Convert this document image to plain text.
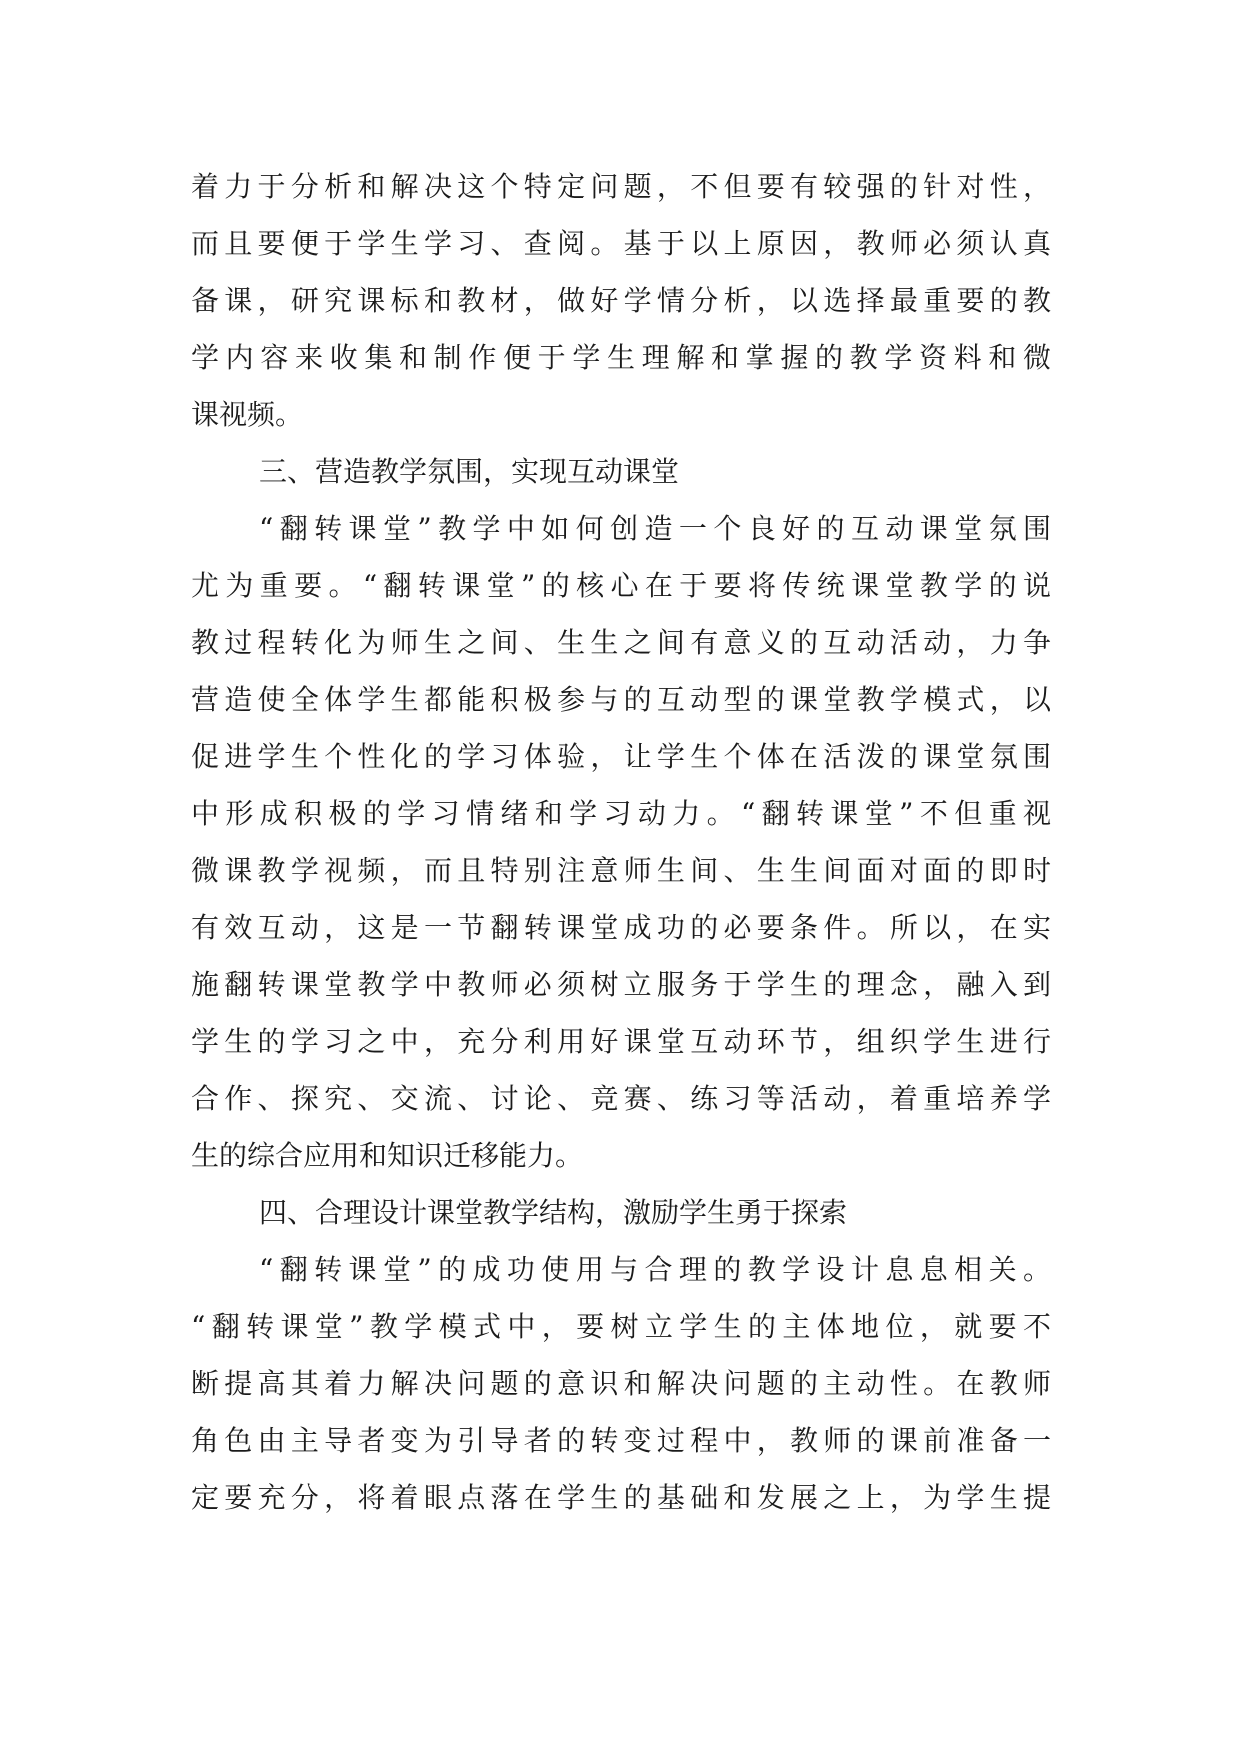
着力于分析和解决这个特定问题，不但要有较强的针对性，
而且要便于学生学习、查阅。基于以上原因，教师必须认真
备课，研究课标和教材，做好学情分析，以选择最重要的教
学内容来收集和制作便于学生理解和掌握的教学资料和微
课视频。
三、营造教学氛围，实现互动课堂
“翻转课堂”教学中如何创造一个良好的互动课堂氛围
尤为重要。“翻转课堂”的核心在于要将传统课堂教学的说
教过程转化为师生之间、生生之间有意义的互动活动，力争
营造使全体学生都能积极参与的互动型的课堂教学模式，以
促进学生个性化的学习体验，让学生个体在活泼的课堂氛围
中形成积极的学习情绪和学习动力。“翻转课堂”不但重视
微课教学视频，而且特别注意师生间、生生间面对面的即时
有效互动，这是一节翻转课堂成功的必要条件。所以，在实
施翻转课堂教学中教师必须树立服务于学生的理念，融入到
学生的学习之中，充分利用好课堂互动环节，组织学生进行
合作、探究、交流、讨论、竞赛、练习等活动，着重培养学
生的综合应用和知识迁移能力。
四、合理设计课堂教学结构，激励学生勇于探索
“翻转课堂”的成功使用与合理的教学设计息息相关。
“翻转课堂”教学模式中，要树立学生的主体地位，就要不
断提高其着力解决问题的意识和解决问题的主动性。在教师
角色由主导者变为引导者的转变过程中，教师的课前准备一
定要充分，将着眼点落在学生的基础和发展之上，为学生提
